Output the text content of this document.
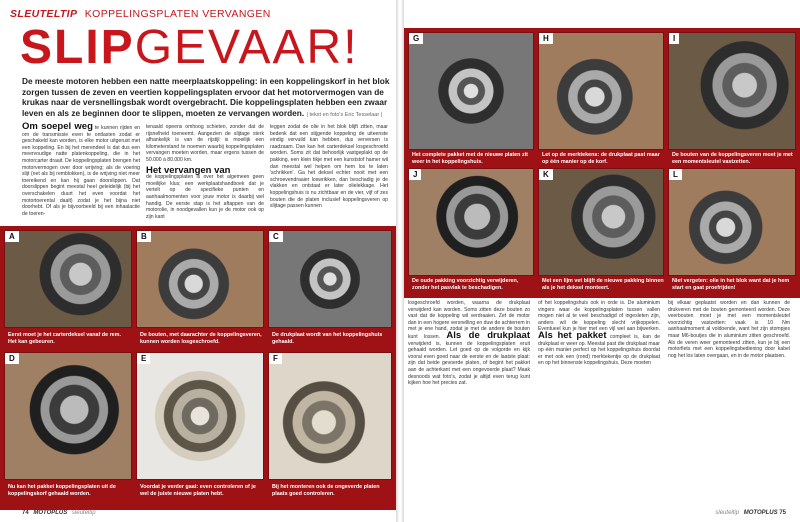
SLEUTELTIP KOPPELINGSPLATEN VERVANGEN
SLIPGEVAAR!
De meeste motoren hebben een natte meerplaatskoppeling: in een koppelingskorf in het blok zorgen tussen de zeven en veertien koppelingsplaten ervoor dat het motorvermogen van de krukas naar de versnellingsbak wordt overgebracht. Die koppelingsplaten hebben een zwaar leven en als ze beginnen door te slippen, moeten ze vervangen worden. | tekst en foto's Eric Tesselaar |
Om soepel weg te kunnen rijden en om de transmissie even te ontlasten zodat er geschakeld kan worden, is elke motor uitgerust met een koppeling. En bij het merendeel is dat dus een meervoudige natte platenkoppeling, die in het motorcarter draait. De koppelingsplaten brengen het motorvermogen over door wrijving; als de voering slijt (net als bij remblokken), is de wrijving niet meer toereikend en kan hij gaan doorslippen. Dat doorslippen begint meestal heel geleidelijk (bij het overschakelen duurt het even voordat het motortoerental daalt) zodat je het bijna niet doorhebt. Of als je bijvoorbeeld bij een inhaalactie de toeren-
tenaald opeens omhoog schieten, zonder dat de rijsnelheid toeneemt. Aangezien de slijtage sterk afhankelijk is van de rijstijl is moeilijk een kilometerstand te noemen waarbij koppelingsplaten vervangen moeten worden, maar ergens tussen de 50.000 à 80.000 km.
Het vervangen van
de koppelingsplaten is over het algemeen geen moeilijke klus; een werkplaatshandboek dat je vertelt op de specifieke punten en aanhaalmomenten voor jouw motor is daarbij wel handig. De eerste stap is het aftappen van de motorolie, in noodgevallen kun je de motor ook op zijn kant
leggen zodat de olie in het blok blijft zitten, maar bedenk dat een stijgende koppeling de uiteenste eindig vervuild kan hebben, dus verversen is raadzaam. Dan kan het carterdeksel losgeschroefd worden. Soms zit dat behoorlijk vastgeplakt op de pakking, een klein tikje met een kunststof hamer wil dan meestal wel helpen om hem los te laten 'schrikken'. Ga het deksel echter nooit met een schroevendraaier loswrikken, dan beschadig je de vlakken en ontstaat er later olielekkage. Het koppelingshuis is nu zichtbaar en de vier, vijf of zes bouten die de platen inclusief koppelingsveren op slijtage passen kunnen
A
Eerst moet je het carterdeksel vanaf de rem. Het kan gebeuren.
B
De bouten, met daarachter de koppelingsveren, kunnen worden losgeschroefd.
C
De drukplaat wordt van het koppelingshuis gehaald.
D
Nu kan het pakket koppelingsplaten uit de koppelingskorf gehaald worden.
E
Voordat je verder gaat: even controleren of je wel de juiste nieuwe platen hebt.
F
Bij het monteren ook de ongeverde platen plaats goed controleren.
74 MOTOPLUS sleuteltip
G
Het complete pakket met de nieuwe platen zit weer in het koppelingshuis.
H
Let op de merktekens: de drukplaat past maar op één manier op de korf.
I
De bouten van de koppelingsveren moet je met een momentsleutel vastzetten.
J
De oude pakking voorzichtig verwijderen, zonder het pasvlak te beschadigen.
K
Met een lijm vet blijft de nieuwe pakking binnen als je het deksel monteert.
L
Niet vergeten: olie in het blok want dat je hem start en gaat proefrijden!
losgeschroefd worden, waarna de drukplaat verwijderd kan worden. Soms zitten deze bouten zo vast dat de koppeling wil verdraaien. Zet de motor dan in een hogere versnelling en duw de achterrem in met je ene hand, zodat je met de andere de bouten kunt lossen. Als de drukplaat verwijderd is, kunnen de koppelingsplaten eruit gehaald worden. Let goed op de volgorde en kijk vooral even goed naar de eerste en de laatste plaat: zijn dat beide gevoerde platen, of begint het pakket aan de achterkant met een ongevoerde plaat? Maak desnoods wat foto's, zodat je altijd even terug kunt kijken hoe het precies zat.
of het koppelingshuis ook in orde is. De aluminium vingers waar de koppelingsplaten tussen vallen mogen niet al te veel beschadigd of ingesleten zijn, anders wil de koppeling slecht vrijkoppelen. Eventueel kun je hier met een vijl wel aan bijwerken. Als het pakket compleet is, kan de drukplaat er weer op. Meestal past die drukplaat maar op één manier perfect op het koppelingshuis doordat er met ook een (rond) merktekentje op de drukplaat en op het binnenste koppelingshuis. Deze moeten
bij elkaar geplaatst worden en dan kunnen de drukveren met de bouten gemonteerd worden. Deze veerbouten moet je met een momentsleutel voorzichtig vastzetten: vaak is 10 Nm aanhaalmoment al voldoende, want het zijn stompjes maar M6-boutjes die in aluminium zitten geschroefd. Als de veren weer gemonteerd zitten, kun je bij een motorfiets met een koppelingsbediening door kabel nog het los laten overgaan, en in de motor plaatsen.
sleuteltip MOTOPLUS 75
